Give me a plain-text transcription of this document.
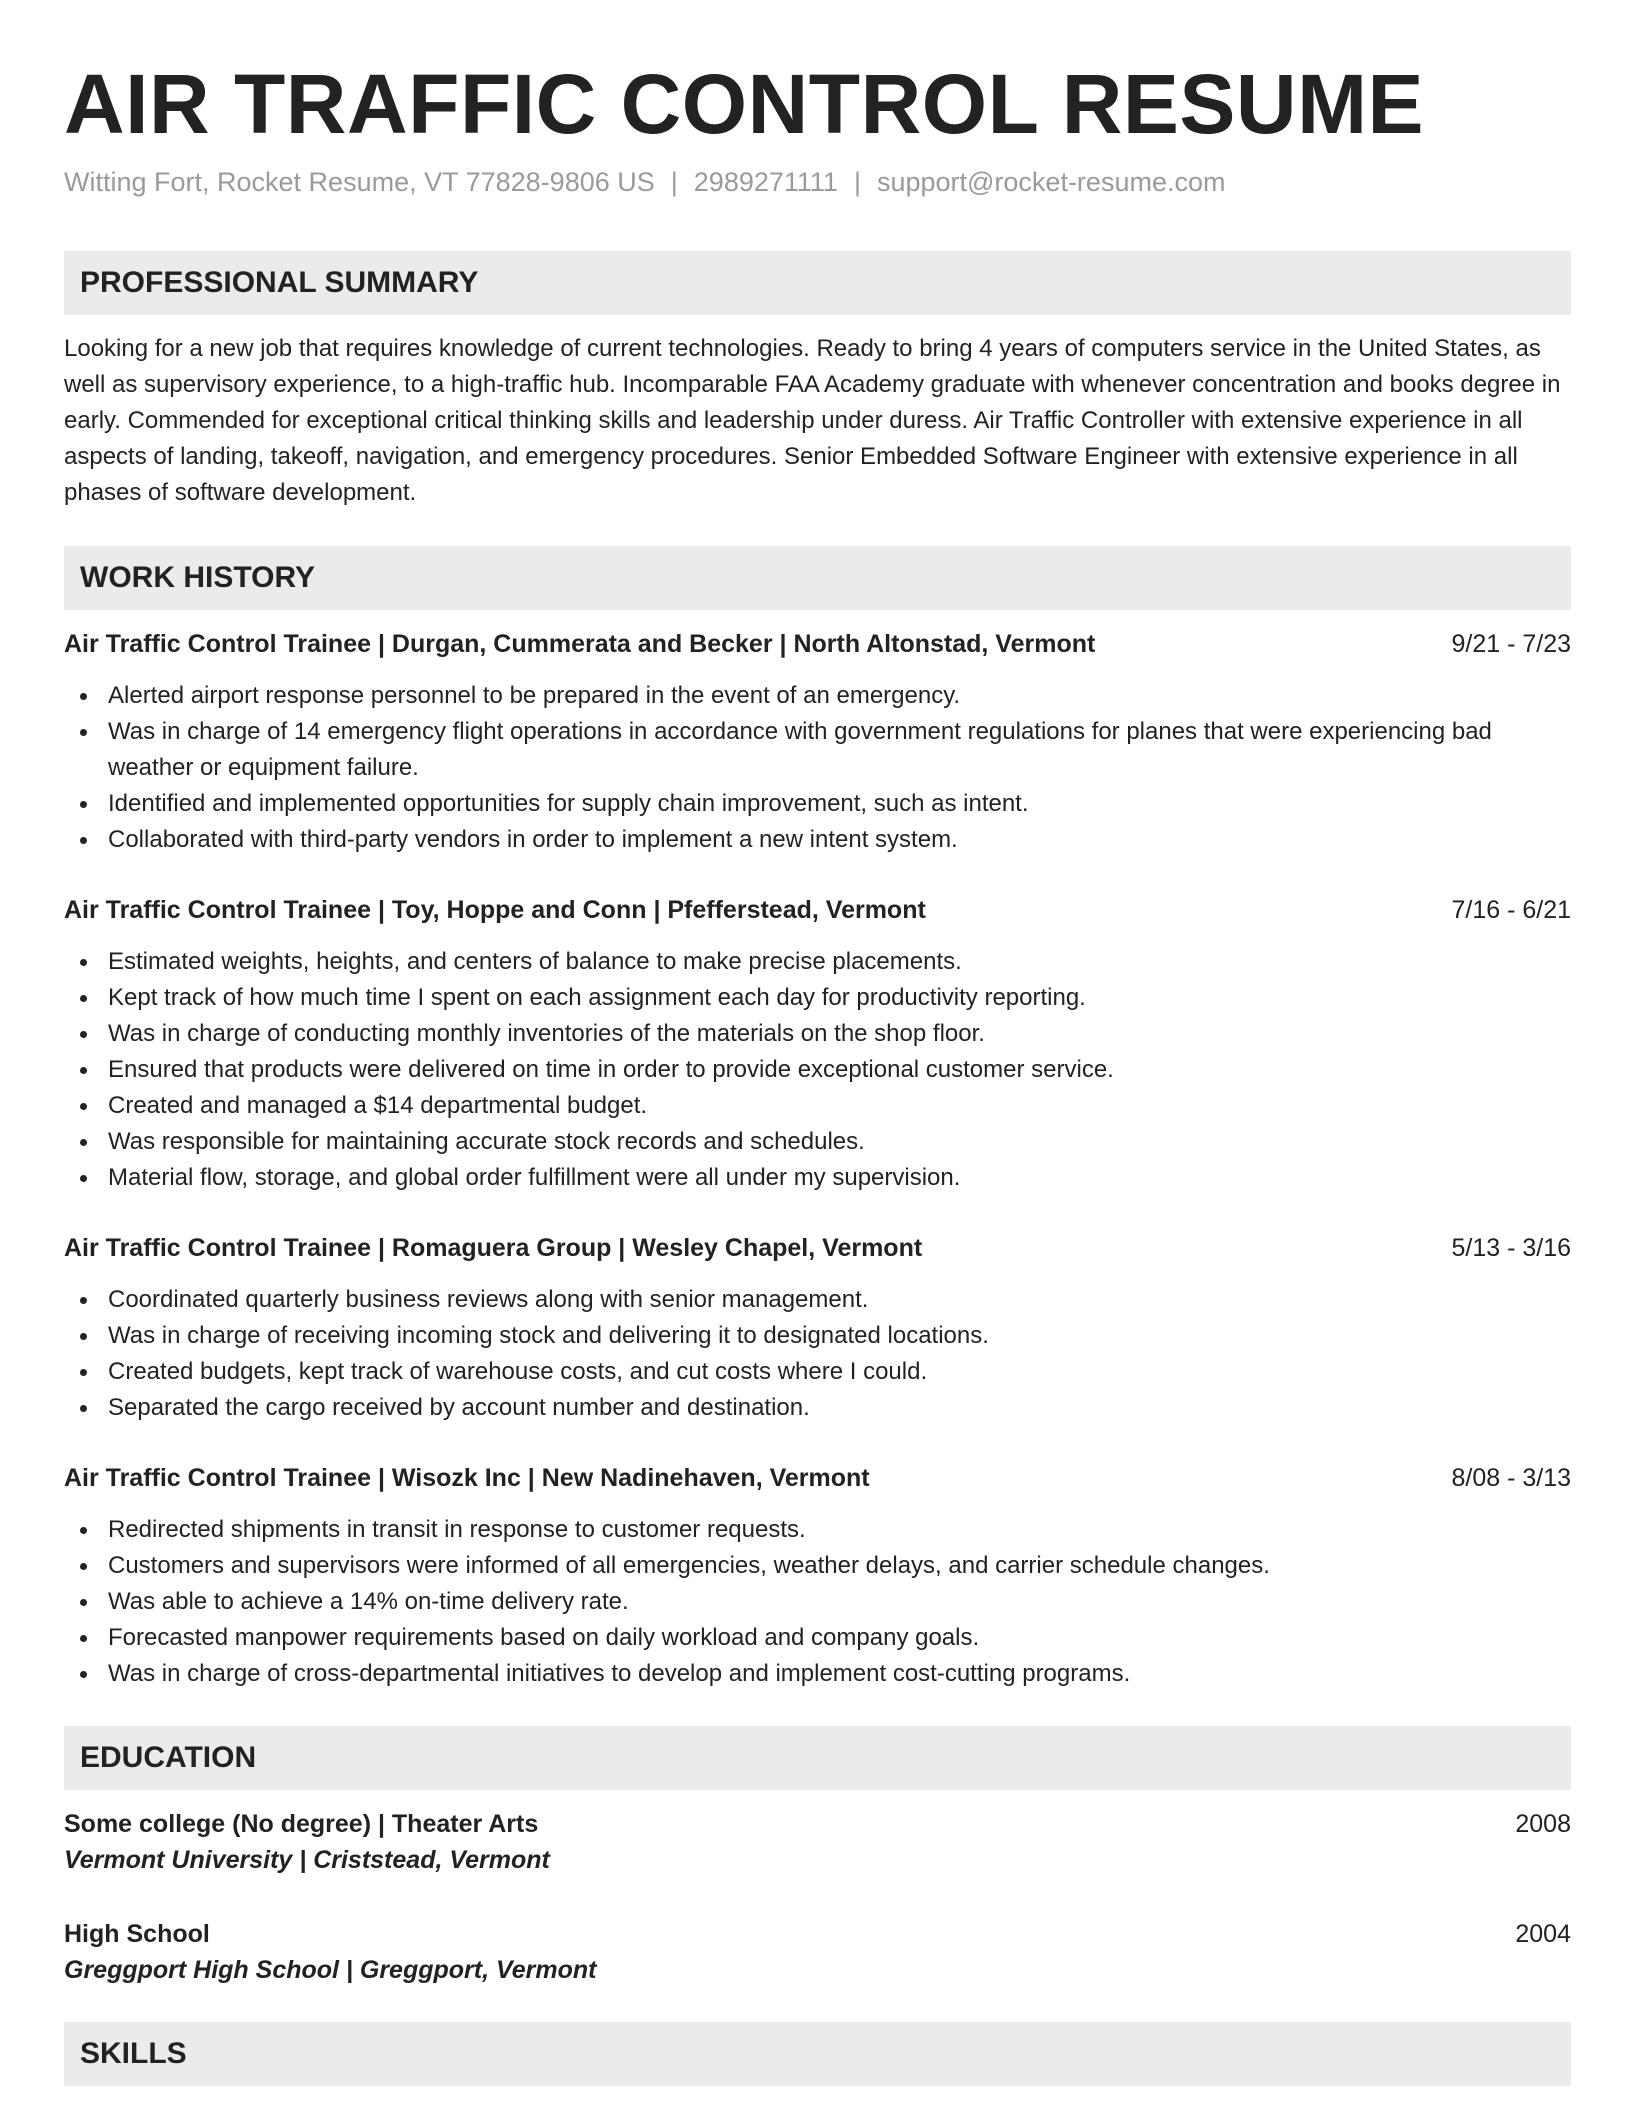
AIR TRAFFIC CONTROL RESUME
Witting Fort, Rocket Resume, VT 77828-9806 US | 2989271111 | support@rocket-resume.com
PROFESSIONAL SUMMARY
Looking for a new job that requires knowledge of current technologies. Ready to bring 4 years of computers service in the United States, as well as supervisory experience, to a high-traffic hub. Incomparable FAA Academy graduate with whenever concentration and books degree in early. Commended for exceptional critical thinking skills and leadership under duress. Air Traffic Controller with extensive experience in all aspects of landing, takeoff, navigation, and emergency procedures. Senior Embedded Software Engineer with extensive experience in all phases of software development.
WORK HISTORY
Air Traffic Control Trainee | Durgan, Cummerata and Becker | North Altonstad, Vermont	9/21 - 7/23
Alerted airport response personnel to be prepared in the event of an emergency.
Was in charge of 14 emergency flight operations in accordance with government regulations for planes that were experiencing bad weather or equipment failure.
Identified and implemented opportunities for supply chain improvement, such as intent.
Collaborated with third-party vendors in order to implement a new intent system.
Air Traffic Control Trainee | Toy, Hoppe and Conn | Pfefferstead, Vermont	7/16 - 6/21
Estimated weights, heights, and centers of balance to make precise placements.
Kept track of how much time I spent on each assignment each day for productivity reporting.
Was in charge of conducting monthly inventories of the materials on the shop floor.
Ensured that products were delivered on time in order to provide exceptional customer service.
Created and managed a $14 departmental budget.
Was responsible for maintaining accurate stock records and schedules.
Material flow, storage, and global order fulfillment were all under my supervision.
Air Traffic Control Trainee | Romaguera Group | Wesley Chapel, Vermont	5/13 - 3/16
Coordinated quarterly business reviews along with senior management.
Was in charge of receiving incoming stock and delivering it to designated locations.
Created budgets, kept track of warehouse costs, and cut costs where I could.
Separated the cargo received by account number and destination.
Air Traffic Control Trainee | Wisozk Inc | New Nadinehaven, Vermont	8/08 - 3/13
Redirected shipments in transit in response to customer requests.
Customers and supervisors were informed of all emergencies, weather delays, and carrier schedule changes.
Was able to achieve a 14% on-time delivery rate.
Forecasted manpower requirements based on daily workload and company goals.
Was in charge of cross-departmental initiatives to develop and implement cost-cutting programs.
EDUCATION
Some college (No degree) | Theater Arts	2008
Vermont University | Criststead, Vermont
High School	2004
Greggport High School | Greggport, Vermont
SKILLS
